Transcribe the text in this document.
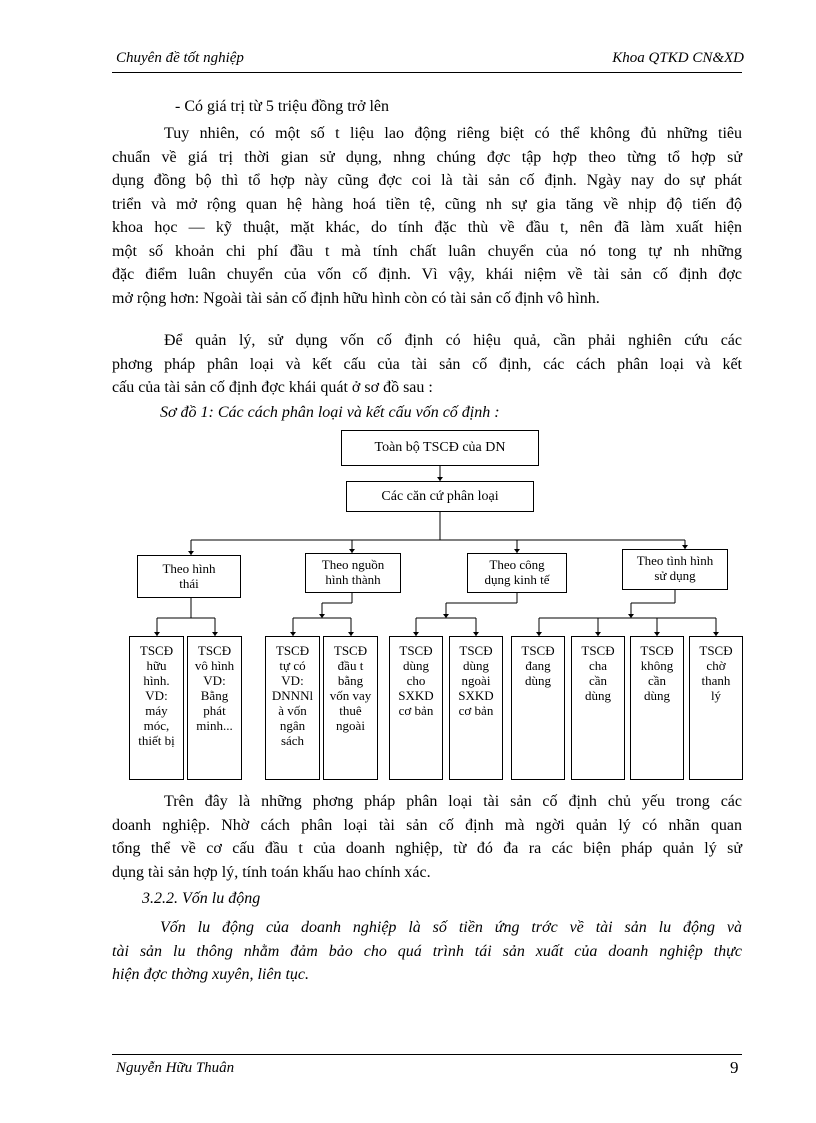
Chuyên đề tốt nghiệp	Khoa QTKD CN&XD
- Có giá trị từ 5 triệu đồng trở lên
Tuy nhiên, có một số t liệu lao động riêng biệt có thể không đủ những tiêu
chuẩn về giá trị thời gian sử dụng, nhng chúng đợc tập hợp theo từng tổ hợp sử
dụng đồng bộ thì tổ hợp này cũng đợc coi là tài sản cố định. Ngày nay do sự phát
triển và mở rộng quan hệ hàng hoá tiền tệ, cũng nh sự gia tăng về nhịp độ tiến độ
khoa học — kỹ thuật, mặt khác, do tính đặc thù về đầu t, nên đã làm xuất hiện
một số khoản chi phí đầu t mà tính chất luân chuyển của nó tong tự nh những
đặc điểm luân chuyển của vốn cố định. Vì vậy, khái niệm về tài sản cố định đợc
mở rộng hơn: Ngoài tài sản cố định hữu hình còn có tài sản cố định vô hình.
Để quản lý, sử dụng vốn cố định có hiệu quả, cần phải nghiên cứu các
phơng pháp phân loại và kết cấu của tài sản cố định, các cách phân loại và kết
cấu của tài sản cố định đợc khái quát ở sơ đồ sau :
Sơ đồ 1: Các cách phân loại và kết cấu vốn cố định :
Toàn bộ TSCĐ của DN
Các căn cứ phân loại
Theo hình
thái
Theo nguồn
hình thành
Theo công
dụng kinh tế
Theo tình hình
sử dụng
TSCĐ
hữu
hình.
VD:
máy
móc,
thiết bị
TSCĐ
vô hình
VD:
Bằng
phát
minh...
TSCĐ
tự có
VD:
DNNNl
à vốn
ngân
sách
TSCĐ
đầu t
bằng
vốn vay
thuê
ngoài
TSCĐ
dùng
cho
SXKD
cơ bản
TSCĐ
dùng
ngoài
SXKD
cơ bản
TSCĐ
đang
dùng
TSCĐ
cha
cần
dùng
TSCĐ
không
cần
dùng
TSCĐ
chờ
thanh
lý
Trên đây là những phơng pháp phân loại tài sản cố định chủ yếu trong các
doanh nghiệp. Nhờ cách phân loại tài sản cố định mà ngời quản lý có nhãn quan
tổng thể về cơ cấu đầu t của doanh nghiệp, từ đó đa ra các biện pháp quản lý sử
dụng tài sản hợp lý, tính toán khấu hao chính xác.
3.2.2. Vốn lu động
Vốn lu động của doanh nghiệp là số tiền ứng trớc về tài sản lu động và
tài sản lu thông nhằm đảm bảo cho quá trình tái sản xuất của doanh nghiệp thực
hiện đợc thờng xuyên, liên tục.
Nguyễn Hữu Thuân	9
